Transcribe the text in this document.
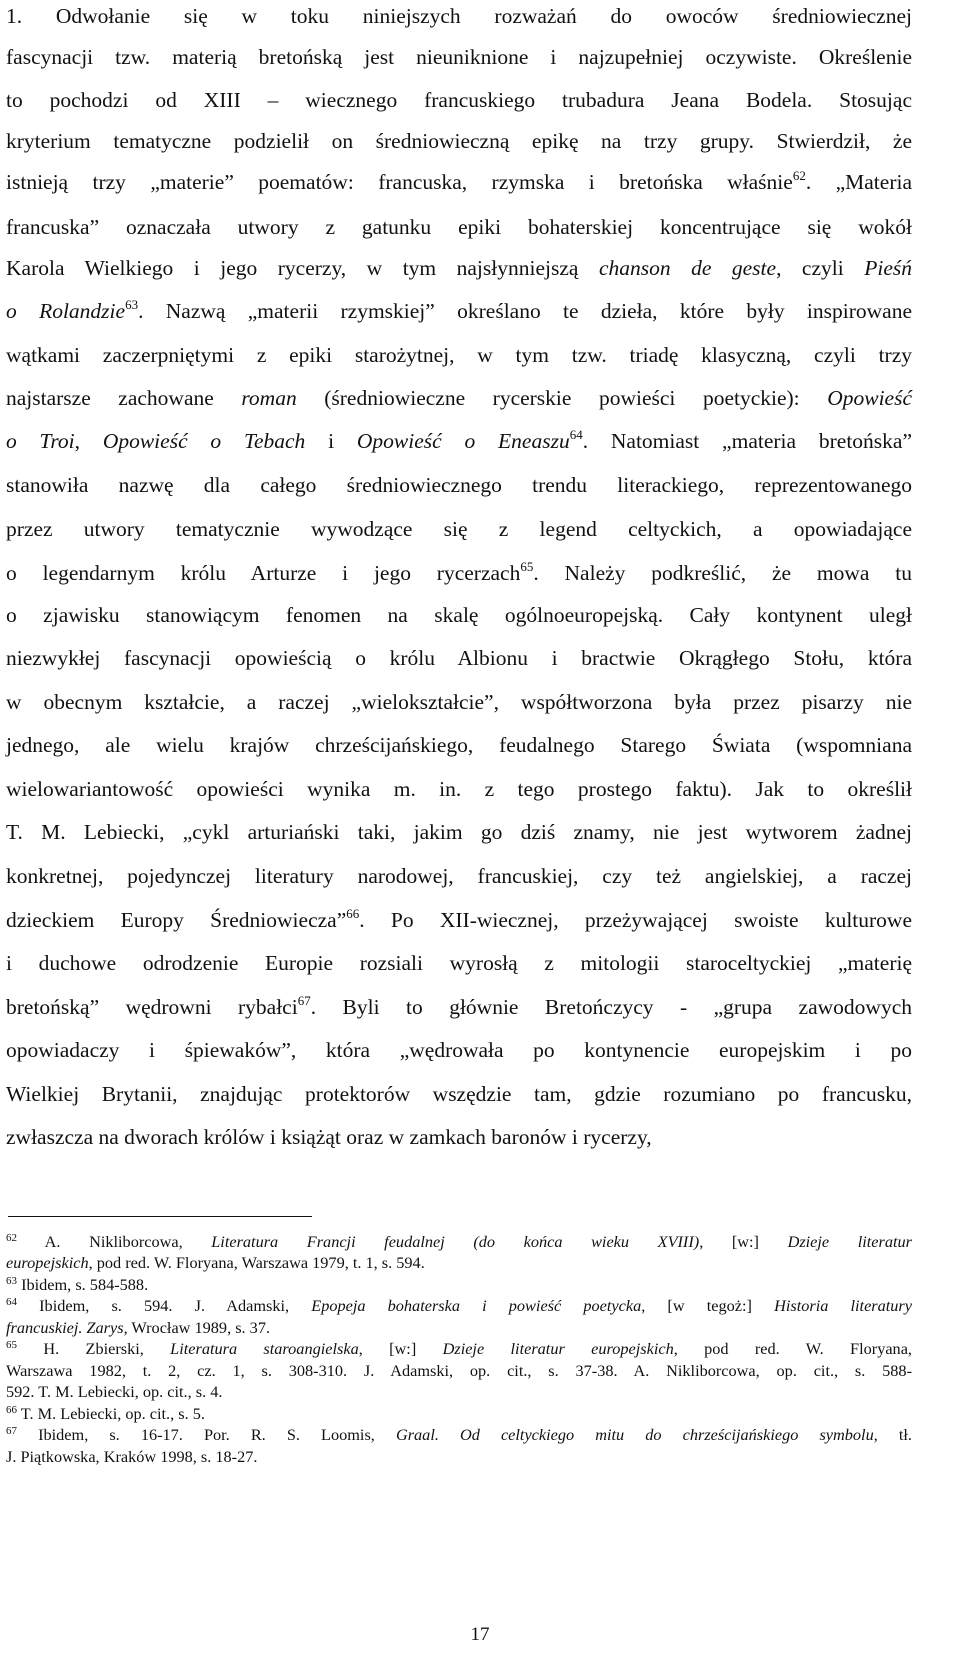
1. Odwołanie się w toku niniejszych rozważań do owoców średniowiecznej
fascynacji tzw. materią bretońską jest nieuniknione i najzupełniej oczywiste. Określenie
to pochodzi od XIII – wiecznego francuskiego trubadura Jeana Bodela. Stosując
kryterium tematyczne podzielił on średniowieczną epikę na trzy grupy. Stwierdził, że
istnieją trzy „materie” poematów: francuska, rzymska i bretońska właśnie$^{62}$. „Materia
francuska” oznaczała utwory z gatunku epiki bohaterskiej koncentrujące się wokół
Karola Wielkiego i jego rycerzy, w tym najsłynniejszą chanson de geste, czyli Pieśń
o Rolandzie$^{63}$. Nazwą „materii rzymskiej” określano te dzieła, które były inspirowane
wątkami zaczerpniętymi z epiki starożytnej, w tym tzw. triadę klasyczną, czyli trzy
najstarsze zachowane roman (średniowieczne rycerskie powieści poetyckie): Opowieść
o Troi, Opowieść o Tebach i Opowieść o Eneaszu$^{64}$. Natomiast „materia bretońska”
stanowiła nazwę dla całego średniowiecznego trendu literackiego, reprezentowanego
przez utwory tematycznie wywodzące się z legend celtyckich, a opowiadające
o legendarnym królu Arturze i jego rycerzach$^{65}$. Należy podkreślić, że mowa tu
o zjawisku stanowiącym fenomen na skalę ogólnoeuropejską. Cały kontynent uległ
niezwykłej fascynacji opowieścią o królu Albionu i bractwie Okrągłego Stołu, która
w obecnym kształcie, a raczej „wielokształcie”, współtworzona była przez pisarzy nie
jednego, ale wielu krajów chrześcijańskiego, feudalnego Starego Świata (wspomniana
wielowariantowość opowieści wynika m. in. z tego prostego faktu). Jak to określił
T. M. Lebiecki, „cykl arturiański taki, jakim go dziś znamy, nie jest wytworem żadnej
konkretnej, pojedynczej literatury narodowej, francuskiej, czy też angielskiej, a raczej
dzieckiem Europy Średniowiecza”$^{66}$. Po XII-wiecznej, przeżywającej swoiste kulturowe
i duchowe odrodzenie Europie rozsiali wyrosłą z mitologii staroceltyckiej „materię
bretońską” wędrowni rybałci$^{67}$. Byli to głównie Bretończycy - „grupa zawodowych
opowiadaczy i śpiewaków”, która „wędrowała po kontynencie europejskim i po
Wielkiej Brytanii, znajdując protektorów wszędzie tam, gdzie rozumiano po francusku,
zwłaszcza na dworach królów i książąt oraz w zamkach baronów i rycerzy,
$^{62}$ A. Nikliborcowa, Literatura Francji feudalnej (do końca wieku XVIII), [w:] Dzieje literatur
europejskich, pod red. W. Floryana, Warszawa 1979, t. 1, s. 594.
$^{63}$ Ibidem, s. 584-588.
$^{64}$ Ibidem, s. 594. J. Adamski, Epopeja bohaterska i powieść poetycka, [w tegoż:] Historia literatury
francuskiej. Zarys, Wrocław 1989, s. 37.
$^{65}$ H. Zbierski, Literatura staroangielska, [w:] Dzieje literatur europejskich, pod red. W. Floryana,
Warszawa 1982, t. 2, cz. 1, s. 308-310. J. Adamski, op. cit., s. 37-38. A. Nikliborcowa, op. cit., s. 588-
592. T. M. Lebiecki, op. cit., s. 4.
$^{66}$ T. M. Lebiecki, op. cit., s. 5.
$^{67}$ Ibidem, s. 16-17. Por. R. S. Loomis, Graal. Od celtyckiego mitu do chrześcijańskiego symbolu, tł.
J. Piątkowska, Kraków 1998, s. 18-27.
17
